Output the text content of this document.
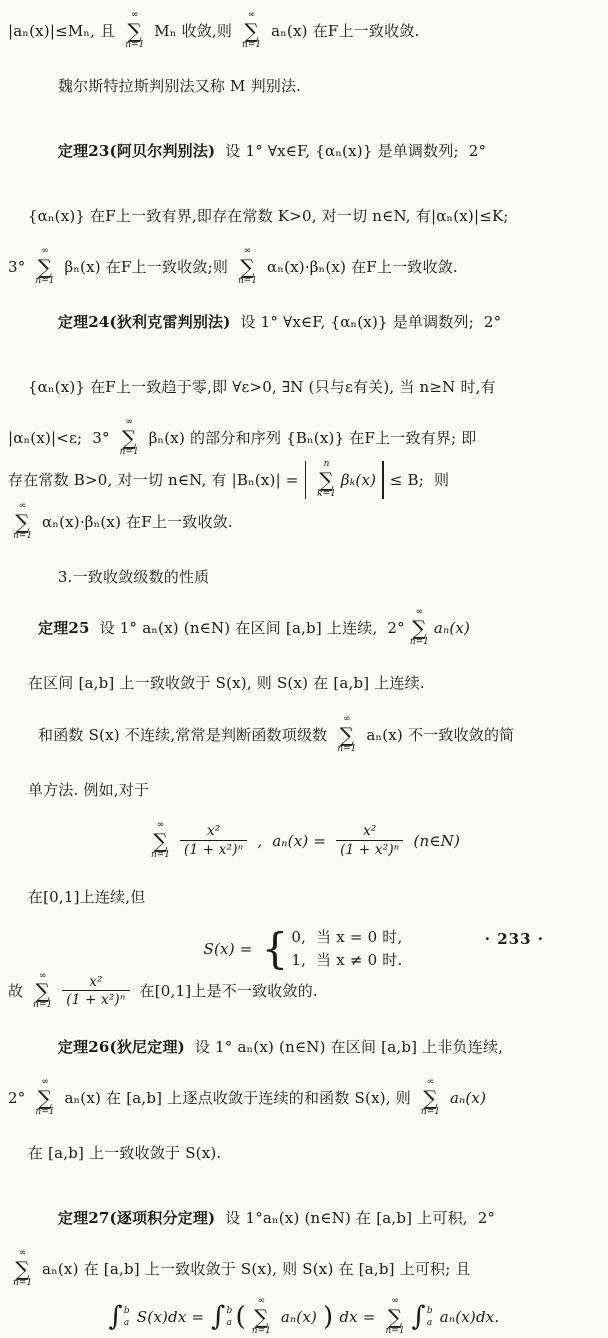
|aₙ(x)|≤Mₙ, 且
∞
∑
n=1
Mₙ 收敛,则
∞
∑
n=1
aₙ(x) 在F上一致收敛.

魏尔斯特拉斯判别法又称 M 判别法.

定理23(阿贝尔判别法)  设 1° ∀x∈F, {αₙ(x)} 是单调数列;  2°

{αₙ(x)} 在F上一致有界,即存在常数 K>0, 对一切 n∈N, 有|αₙ(x)|≤K;

3°
∞
∑
n=1
βₙ(x) 在F上一致收敛;则
∞
∑
n=1
αₙ(x)·βₙ(x) 在F上一致收敛.

定理24(狄利克雷判别法)  设 1° ∀x∈F, {αₙ(x)} 是单调数列;  2°

{αₙ(x)} 在F上一致趋于零,即 ∀ε>0, ∃N (只与ε有关), 当 n≥N 时,有

|αₙ(x)|<ε;  3°
∞
∑
n=1
βₙ(x) 的部分和序列 {Bₙ(x)} 在F上一致有界; 即
存在常数 B>0, 对一切 n∈N, 有 |Bₙ(x)| =
n
∑
k=1
βₖ(x) ≤ B;  则
∞
∑
n=1
αₙ(x)·βₙ(x) 在F上一致收敛.

3.一致收敛级数的性质

定理25 设 1° aₙ(x) (n∈N) 在区间 [a,b] 上连续,  2°
∞
∑
n=1
aₙ(x)

在区间 [a,b] 上一致收敛于 S(x), 则 S(x) 在 [a,b] 上连续.

和函数 S(x) 不连续,常常是判断函数项级数
∞
∑
n=1
aₙ(x) 不一致收敛的简

单方法. 例如,对于

∞
∑
$n=1 \frac{\text{x²}}{\text{(1 + x²)ⁿ}}$ ,  $a_n(x) = \frac{\text{x²}}{\text{(1 + x²)ⁿ}}$ (n∈N)

在[0,1]上连续,但

S(x) = { 0,  当 x = 0 时,
1,  当 x ≠ 0 时.
故
∞
∑
$n=1 \frac{\text{x²}}{\text{(1 + x²)ⁿ}}$ 在[0,1]上是不一致收敛的.

定理26(狄尼定理)  设 1° aₙ(x) (n∈N) 在区间 [a,b] 上非负连续,

2°
∞
∑
n=1
aₙ(x) 在 [a,b] 上逐点收敛于连续的和函数 S(x), 则
∞
∑
n=1
aₙ(x)

在 [a,b] 上一致收敛于 S(x).

定理27(逐项积分定理)  设 1°aₙ(x) (n∈N) 在 [a,b] 上可积,  2°

∞
∑
n=1
aₙ(x) 在 [a,b] 上一致收敛于 S(x), 则 S(x) 在 [a,b] 上可积; 且
∫ b
a S(x)dx = ∫ b
a (
∞
∑
n=1
aₙ(x) ) dx =
∞
∑
n=1 ∫ b
a aₙ(x)dx.
· 233 ·
